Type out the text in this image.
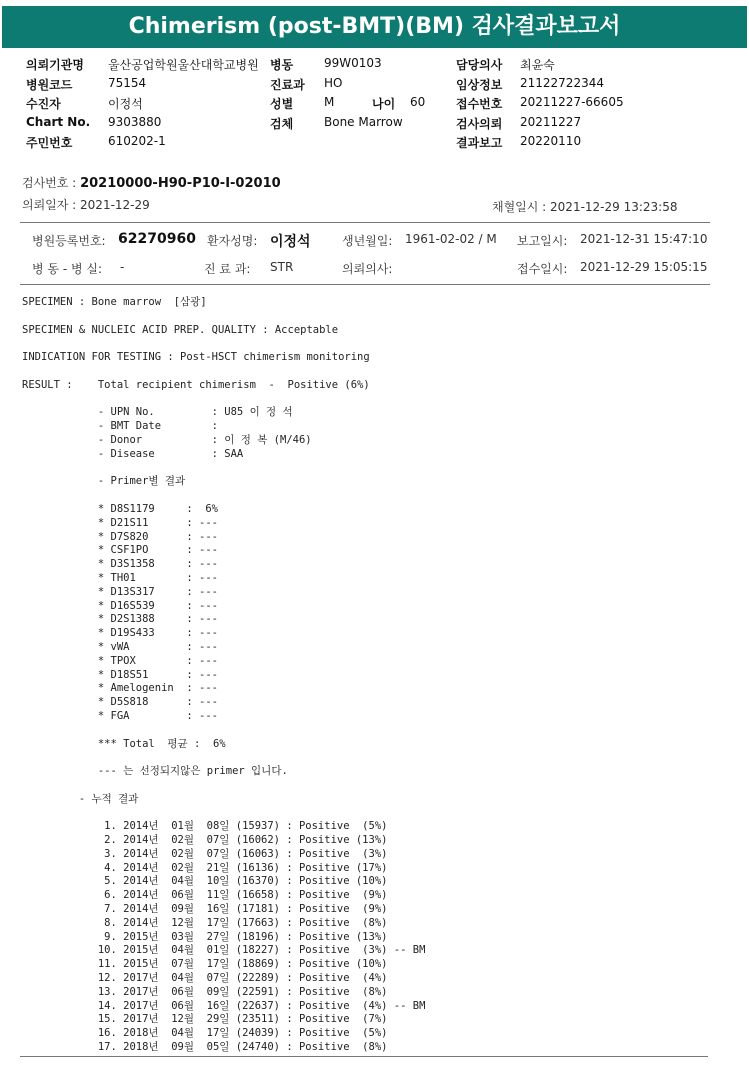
Chimerism (post-BMT)(BM) 검사결과보고서
의뢰기관명 울산공업학원울산대학교병원
병원코드	75154
수진자	이정석
Chart No. 9303880
주민번호	610202-1
병동	99W0103
진료과 HO
성별	M	나이 60
검체	Bone Marrow
담당의사 최윤숙
임상정보 21122722344
접수번호 20211227-66605
검사의뢰 20211227
결과보고 20220110
검사번호 : 20210000-H90-P10-I-02010
의뢰일자 : 2021-12-29	채혈일시 : 2021-12-29 13:23:58
병원등록번호: 62270960 환자성명: 이정석	생년월일: 1961-02-02 / M 보고일시: 2021-12-31 15:47:10
병 동 - 병 실: -	진 료 과: STR	의뢰의사:	접수일시: 2021-12-29 15:05:15
SPECIMEN : Bone marrow  [삼광]

SPECIMEN & NUCLEIC ACID PREP. QUALITY : Acceptable

INDICATION FOR TESTING : Post-HSCT chimerism monitoring

RESULT :    Total recipient chimerism  -  Positive (6%)

- UPN No.         : U85 이 정 석
- BMT Date        :
- Donor           : 이 정 복 (M/46)
- Disease         : SAA

- Primer별 결과

* D8S1179     :  6%
* D21S11      : ---
* D7S820      : ---
* CSF1PO      : ---
* D3S1358     : ---
* TH01        : ---
* D13S317     : ---
* D16S539     : ---
* D2S1388     : ---
* D19S433     : ---
* vWA         : ---
* TPOX        : ---
* D18S51      : ---
* Amelogenin  : ---
* D5S818      : ---
* FGA         : ---

*** Total  평균 :  6%

--- 는 선정되지않은 primer 입니다.

- 누적 결과

1. 2014년  01월  08일 (15937) : Positive  (5%)
2. 2014년  02월  07일 (16062) : Positive (13%)
3. 2014년  02월  07일 (16063) : Positive  (3%)
4. 2014년  02월  21일 (16136) : Positive (17%)
5. 2014년  04월  10일 (16370) : Positive (10%)
6. 2014년  06월  11일 (16658) : Positive  (9%)
7. 2014년  09월  16일 (17181) : Positive  (9%)
8. 2014년  12월  17일 (17663) : Positive  (8%)
9. 2015년  03월  27일 (18196) : Positive (13%)
10. 2015년  04월  01일 (18227) : Positive  (3%) -- BM
11. 2015년  07월  17일 (18869) : Positive (10%)
12. 2017년  04월  07일 (22289) : Positive  (4%)
13. 2017년  06월  09일 (22591) : Positive  (8%)
14. 2017년  06월  16일 (22637) : Positive  (4%) -- BM
15. 2017년  12월  29일 (23511) : Positive  (7%)
16. 2018년  04월  17일 (24039) : Positive  (5%)
17. 2018년  09월  05일 (24740) : Positive  (8%)
